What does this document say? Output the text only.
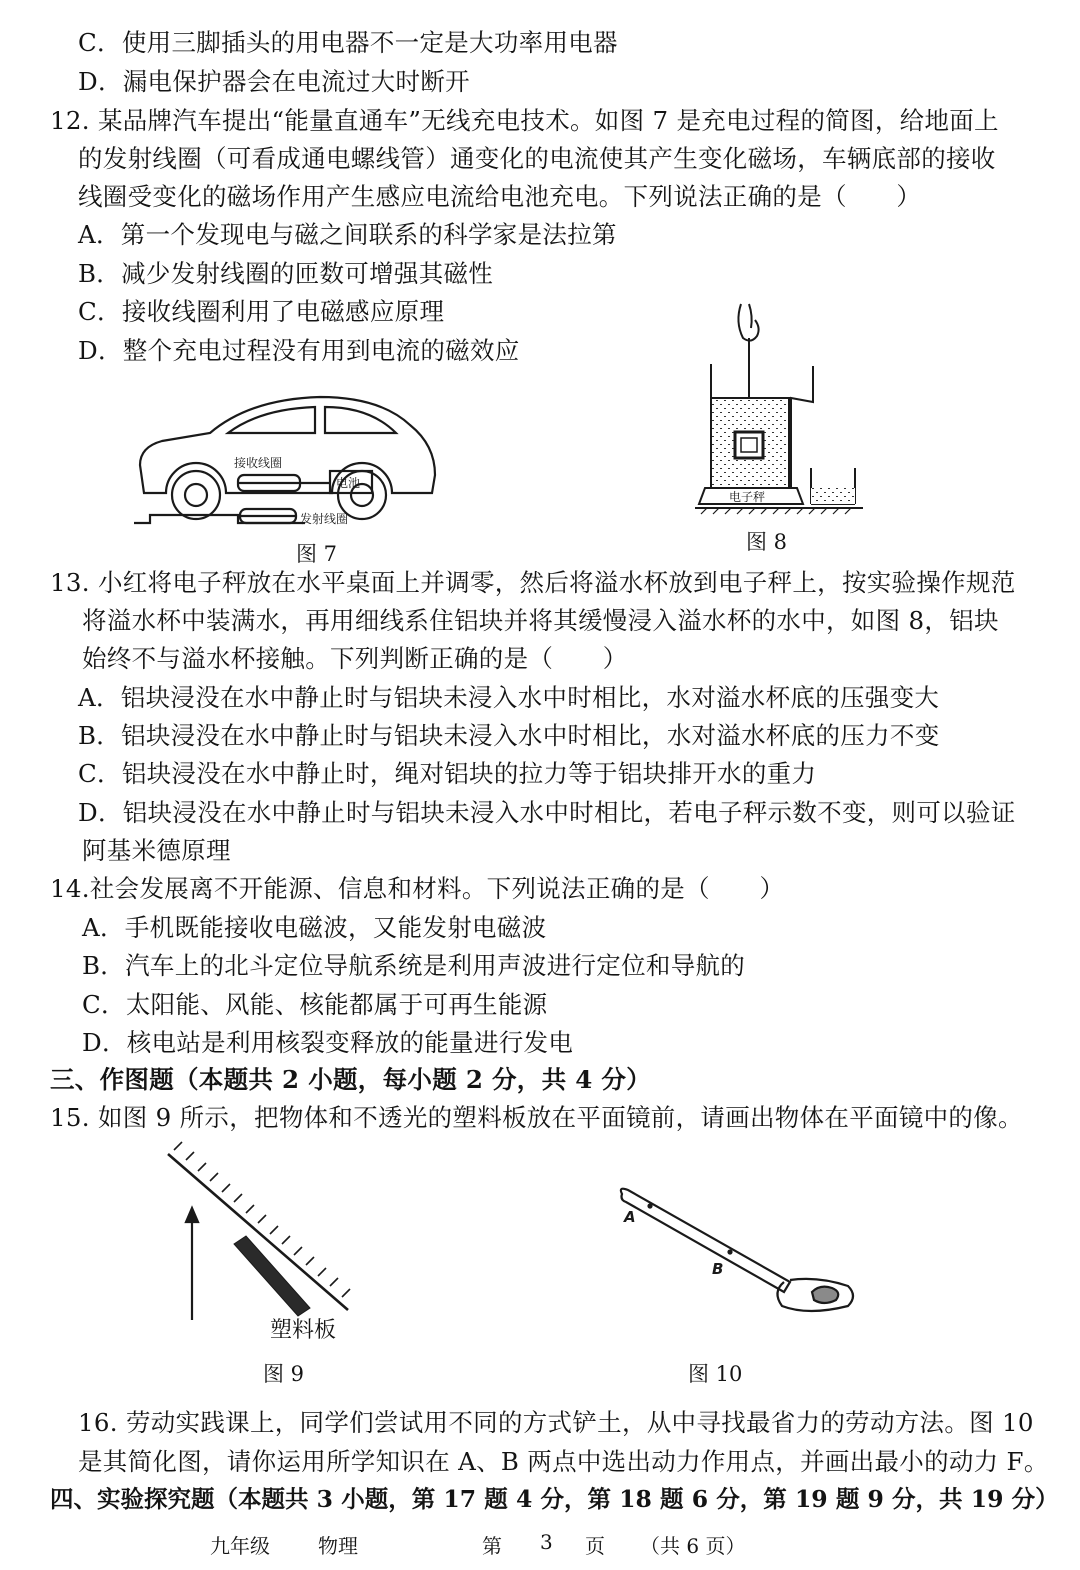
C．使用三脚插头的用电器不一定是大功率用电器
D．漏电保护器会在电流过大时断开
12. 某品牌汽车提出“能量直通车”无线充电技术。如图 7 是充电过程的简图，给地面上
的发射线圈（可看成通电螺线管）通变化的电流使其产生变化磁场，车辆底部的接收
线圈受变化的磁场作用产生感应电流给电池充电。下列说法正确的是（　　）
A．第一个发现电与磁之间联系的科学家是法拉第
B．减少发射线圈的匝数可增强其磁性
C．接收线圈利用了电磁感应原理
D．整个充电过程没有用到电流的磁效应
接收线圈
电池
发射线圈
图 7
电子秤
图 8
13. 小红将电子秤放在水平桌面上并调零，然后将溢水杯放到电子秤上，按实验操作规范
将溢水杯中装满水，再用细线系住铝块并将其缓慢浸入溢水杯的水中，如图 8，铝块
始终不与溢水杯接触。下列判断正确的是（　　）
A．铝块浸没在水中静止时与铝块未浸入水中时相比，水对溢水杯底的压强变大
B．铝块浸没在水中静止时与铝块未浸入水中时相比，水对溢水杯底的压力不变
C．铝块浸没在水中静止时，绳对铝块的拉力等于铝块排开水的重力
D．铝块浸没在水中静止时与铝块未浸入水中时相比，若电子秤示数不变，则可以验证
阿基米德原理
14.社会发展离不开能源、信息和材料。下列说法正确的是（　　）
A．手机既能接收电磁波，又能发射电磁波
B．汽车上的北斗定位导航系统是利用声波进行定位和导航的
C．太阳能、风能、核能都属于可再生能源
D．核电站是利用核裂变释放的能量进行发电
三、作图题（本题共 2 小题，每小题 2 分，共 4 分）
15. 如图 9 所示，把物体和不透光的塑料板放在平面镜前，请画出物体在平面镜中的像。
塑料板
图 9
A
B
图 10
16. 劳动实践课上，同学们尝试用不同的方式铲土，从中寻找最省力的劳动方法。图 10
是其简化图，请你运用所学知识在 A、B 两点中选出动力作用点，并画出最小的动力 F。
四、实验探究题（本题共 3 小题，第 17 题 4 分，第 18 题 6 分，第 19 题 9 分，共 19 分）
九年级 物理	第 3 页 （共 6 页）
